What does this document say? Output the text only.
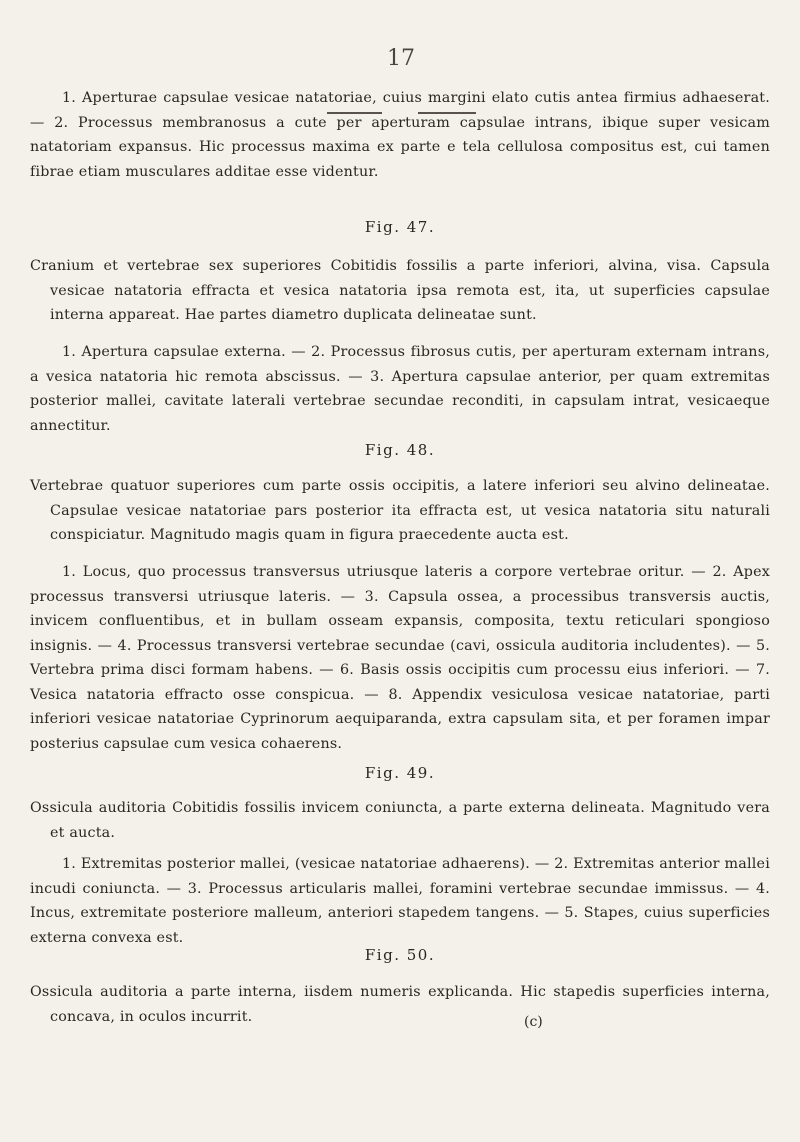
17
1. Aperturae capsulae vesicae natatoriae, cuius margini elato cutis antea firmius adhaeserat. — 2. Processus membranosus a cute per aperturam capsulae intrans, ibique super vesicam natatoriam expansus. Hic processus maxima ex parte e tela cellulosa compositus est, cui tamen fibrae etiam musculares additae esse videntur.
Fig. 47.
Cranium et vertebrae sex superiores Cobitidis fossilis a parte inferiori, alvina, visa. Capsula vesicae natatoria effracta et vesica natatoria ipsa remota est, ita, ut superficies capsulae interna appareat. Hae partes diametro duplicata delineatae sunt.
1. Apertura capsulae externa. — 2. Processus fibrosus cutis, per aperturam externam intrans, a vesica natatoria hic remota abscissus. — 3. Apertura capsulae anterior, per quam extremitas posterior mallei, cavitate laterali vertebrae secundae reconditi, in capsulam intrat, vesicaeque annectitur.
Fig. 48.
Vertebrae quatuor superiores cum parte ossis occipitis, a latere inferiori seu alvino delineatae. Capsulae vesicae natatoriae pars posterior ita effracta est, ut vesica natatoria situ naturali conspiciatur. Magnitudo magis quam in figura praecedente aucta est.
1. Locus, quo processus transversus utriusque lateris a corpore vertebrae oritur. — 2. Apex processus transversi utriusque lateris. — 3. Capsula ossea, a processibus transversis auctis, invicem confluentibus, et in bullam osseam expansis, composita, textu reticulari spongioso insignis. — 4. Processus transversi vertebrae secundae (cavi, ossicula auditoria includentes). — 5. Vertebra prima disci formam habens. — 6. Basis ossis occipitis cum processu eius inferiori. — 7. Vesica natatoria effracto osse conspicua. — 8. Appendix vesiculosa vesicae natatoriae, parti inferiori vesicae natatoriae Cyprinorum aequiparanda, extra capsulam sita, et per foramen impar posterius capsulae cum vesica cohaerens.
Fig. 49.
Ossicula auditoria Cobitidis fossilis invicem coniuncta, a parte externa delineata. Magnitudo vera et aucta.
1. Extremitas posterior mallei, (vesicae natatoriae adhaerens). — 2. Extremitas anterior mallei incudi coniuncta. — 3. Processus articularis mallei, foramini vertebrae secundae immissus. — 4. Incus, extremitate posteriore malleum, anteriori stapedem tangens. — 5. Stapes, cuius superficies externa convexa est.
Fig. 50.
Ossicula auditoria a parte interna, iisdem numeris explicanda. Hic stapedis superficies interna, concava, in oculos incurrit.	(c)
